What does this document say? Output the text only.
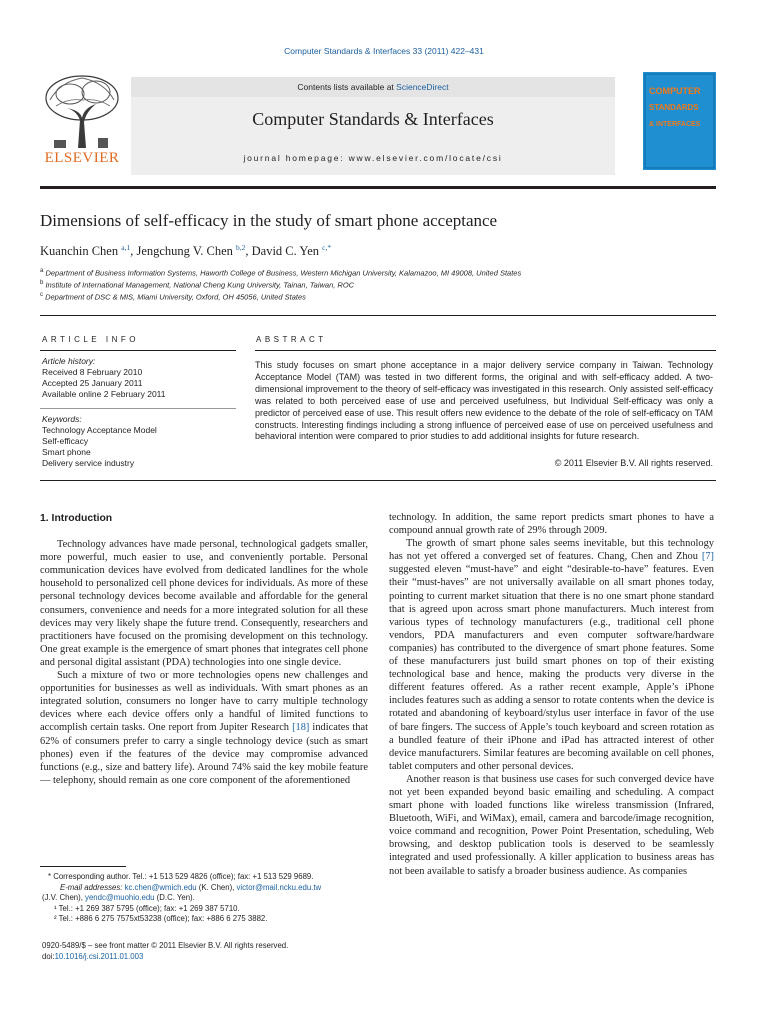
Computer Standards & Interfaces 33 (2011) 422–431
ELSEVIER
Contents lists available at ScienceDirect
Computer Standards & Interfaces
journal homepage: www.elsevier.com/locate/csi
COMPUTER
STANDARDS
& INTERFACES
Dimensions of self-efficacy in the study of smart phone acceptance
Kuanchin Chen $^{a,1}$, Jengchung V. Chen $^{b,2}$, David C. Yen $^{c,*}$
$^a$ Department of Business Information Systems, Haworth College of Business, Western Michigan University, Kalamazoo, MI 49008, United States
$^b$ Institute of International Management, National Cheng Kung University, Tainan, Taiwan, ROC
$^c$ Department of DSC & MIS, Miami University, Oxford, OH 45056, United States
ARTICLE INFO
Article history:
Received 8 February 2010
Accepted 25 January 2011
Available online 2 February 2011
Keywords:
Technology Acceptance Model
Self-efficacy
Smart phone
Delivery service industry
ABSTRACT
This study focuses on smart phone acceptance in a major delivery service company in Taiwan. Technology Acceptance Model (TAM) was tested in two different forms, the original and with self-efficacy added. A two-dimensional improvement to the theory of self-efficacy was investigated in this research. Only assisted self-efficacy was related to both perceived ease of use and perceived usefulness, but Individual Self-efficacy was only a predictor of perceived ease of use. This result offers new evidence to the debate of the role of self-efficacy on TAM constructs. Interesting findings including a strong influence of perceived ease of use on perceived usefulness and behavioral intention were compared to prior studies to add additional insights for future research.
© 2011 Elsevier B.V. All rights reserved.
1. Introduction

Technology advances have made personal, technological gadgets smaller, more powerful, much easier to use, and conveniently portable. Personal communication devices have evolved from dedicated landlines for the whole household to personalized cell phone devices for individuals. As more of these personal technology devices become available and affordable for the general consumers, convenience and needs for a more integrated solution for all these devices may very likely shape the future trend. Consequently, researchers and practitioners have focused on the promising development on this technology. One great example is the emergence of smart phones that integrates cell phone and personal digital assistant (PDA) technologies into one single device.

Such a mixture of two or more technologies opens new challenges and opportunities for businesses as well as individuals. With smart phones as an integrated solution, consumers no longer have to carry multiple technology devices where each device offers only a handful of limited functions to accomplish certain tasks. One report from Jupiter Research [18] indicates that 62% of consumers prefer to carry a single technology device (such as smart phones) even if the features of the device may compromise advanced functions (e.g., size and battery life). Around 74% said the key mobile feature — telephony, should remain as one core component of the aforementioned

technology. In addition, the same report predicts smart phones to have a compound annual growth rate of 29% through 2009.

The growth of smart phone sales seems inevitable, but this technology has not yet offered a converged set of features. Chang, Chen and Zhou [7] suggested eleven “must-have” and eight “desirable-to-have” features. Even their “must-haves” are not universally available on all smart phones today, pointing to current market situation that there is no one smart phone standard that is agreed upon across smart phone manufacturers. Much interest from various types of technology manufacturers (e.g., traditional cell phone vendors, PDA manufacturers and even computer software/hardware companies) has contributed to the divergence of smart phone features. Some of these manufacturers just build smart phones on top of their existing technological base and hence, making the products very diverse in the different features offered. As a rather recent example, Apple’s iPhone includes features such as adding a sensor to rotate contents when the device is rotated and abandoning of keyboard/stylus user interface in favor of the use of bare fingers. The success of Apple’s touch keyboard and screen rotation as a bundled feature of their iPhone and iPad has attracted interest of other device manufacturers. Similar features are becoming available on cell phones, tablet computers and other personal devices.

Another reason is that business use cases for such converged device have not yet been expanded beyond basic emailing and scheduling. A compact smart phone with loaded functions like wireless transmission (Infrared, Bluetooth, WiFi, and WiMax), email, camera and barcode/image recognition, voice command and recognition, Power Point Presentation, scheduling, Web browsing, and desktop publication tools is deserved to be seamlessly integrated and used professionally. A killer application to business areas has not been available to satisfy a broader business audience. As companies

* Corresponding author. Tel.: +1 513 529 4826 (office); fax: +1 513 529 9689.
E-mail addresses: kc.chen@wmich.edu (K. Chen), victor@mail.ncku.edu.tw
(J.V. Chen), yendc@muohio.edu (D.C. Yen).
¹ Tel.: +1 269 387 5795 (office); fax: +1 269 387 5710.
² Tel.: +886 6 275 7575xt53238 (office); fax: +886 6 275 3882.
0920-5489/$ – see front matter © 2011 Elsevier B.V. All rights reserved.
doi:10.1016/j.csi.2011.01.003
